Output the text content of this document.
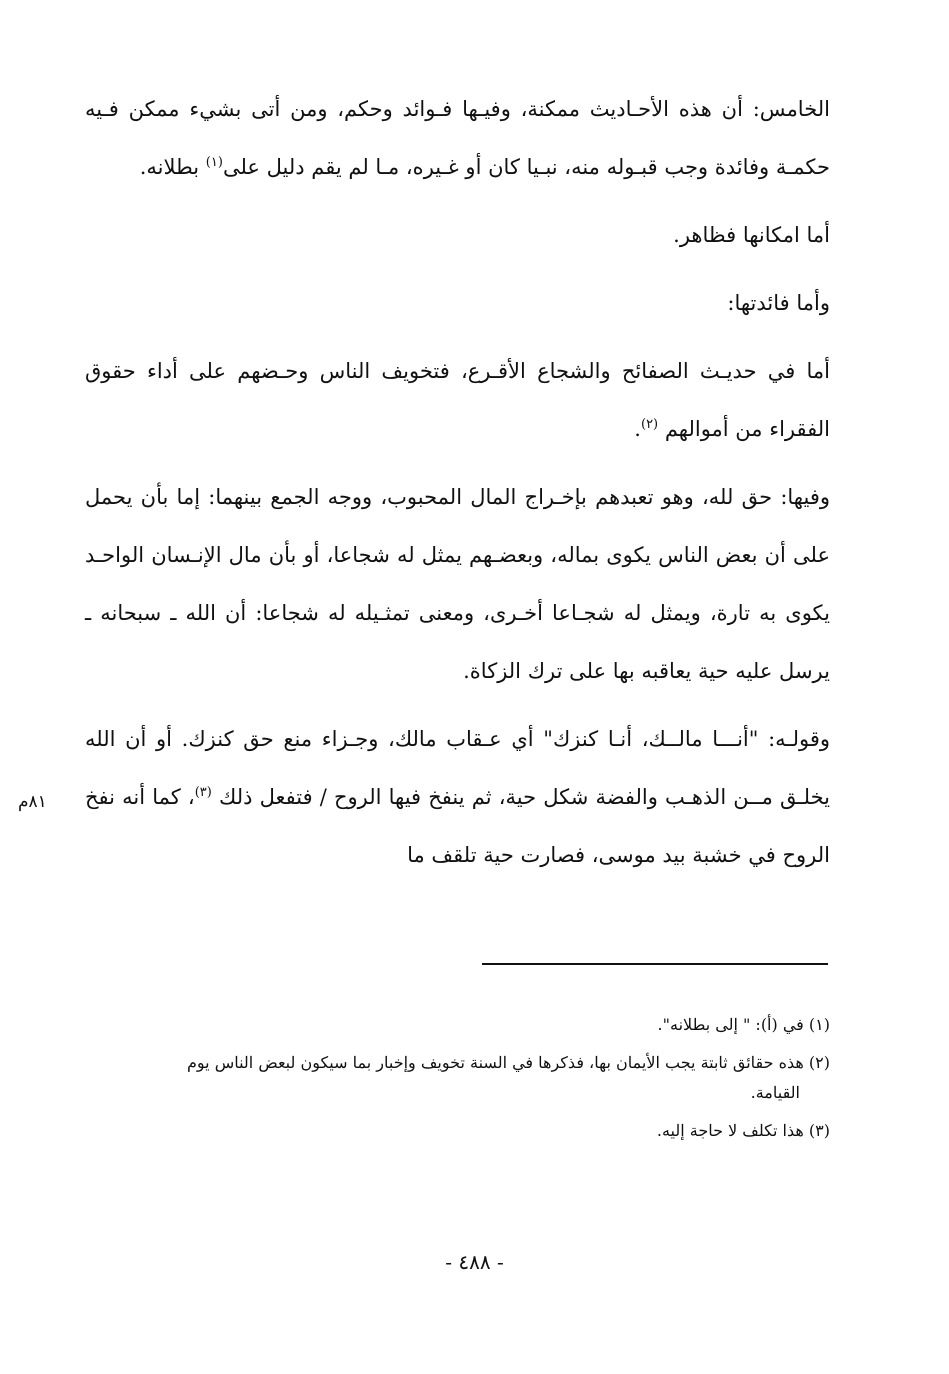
الخامس: أن هذه الأحـاديث ممكنة، وفيـها فـوائد وحكم، ومن أتى بشيء ممكن فـيه حكمـة وفائدة وجب قبـوله منه، نبـيا كان أو غـيره، مـا لم يقم دليل على$^{(١)}$ بطلانه.

أما امكانها فظاهر.

وأما فائدتها:

أما في حديـث الصفائح والشجاع الأقـرع، فتخويف الناس وحـضهم على أداء حقوق الفقراء من أموالهم $^{(٢)}$.

وفيها: حق لله، وهو تعبدهم بإخـراج المال المحبوب، ووجه الجمع بينهما: إما بأن يحمل على أن بعض الناس يكوى بماله، وبعضـهم يمثل له شجاعا، أو بأن مال الإنـسان الواحـد يكوى به تارة، ويمثل له شجـاعا أخـرى، ومعنى تمثـيله له شجاعا: أن الله ـ سبحانه ـ يرسل عليه حية يعاقبه بها على ترك الزكاة.

وقولـه: "أنـــا مالــك، أنـا كنزك" أي عـقاب مالك، وجـزاء منع حق كنزك. أو أن الله يخلـق مــن الذهـب والفضة شكل حية، ثم ينفخ فيها الروح / فتفعل ذلك $^{(٣)}$، كما أنه نفخ الروح في خشبة بيد موسى، فصارت حية تلقف ما

٨١م

(١) في (أ): " إلى بطلانه".

(٢) هذه حقائق ثابتة يجب الأيمان بها، فذكرها في السنة تخويف وإخبار بما سيكون لبعض الناس يوم
القيامة.

(٣) هذا تكلف لا حاجة إليه.

- ٤٨٨ -
